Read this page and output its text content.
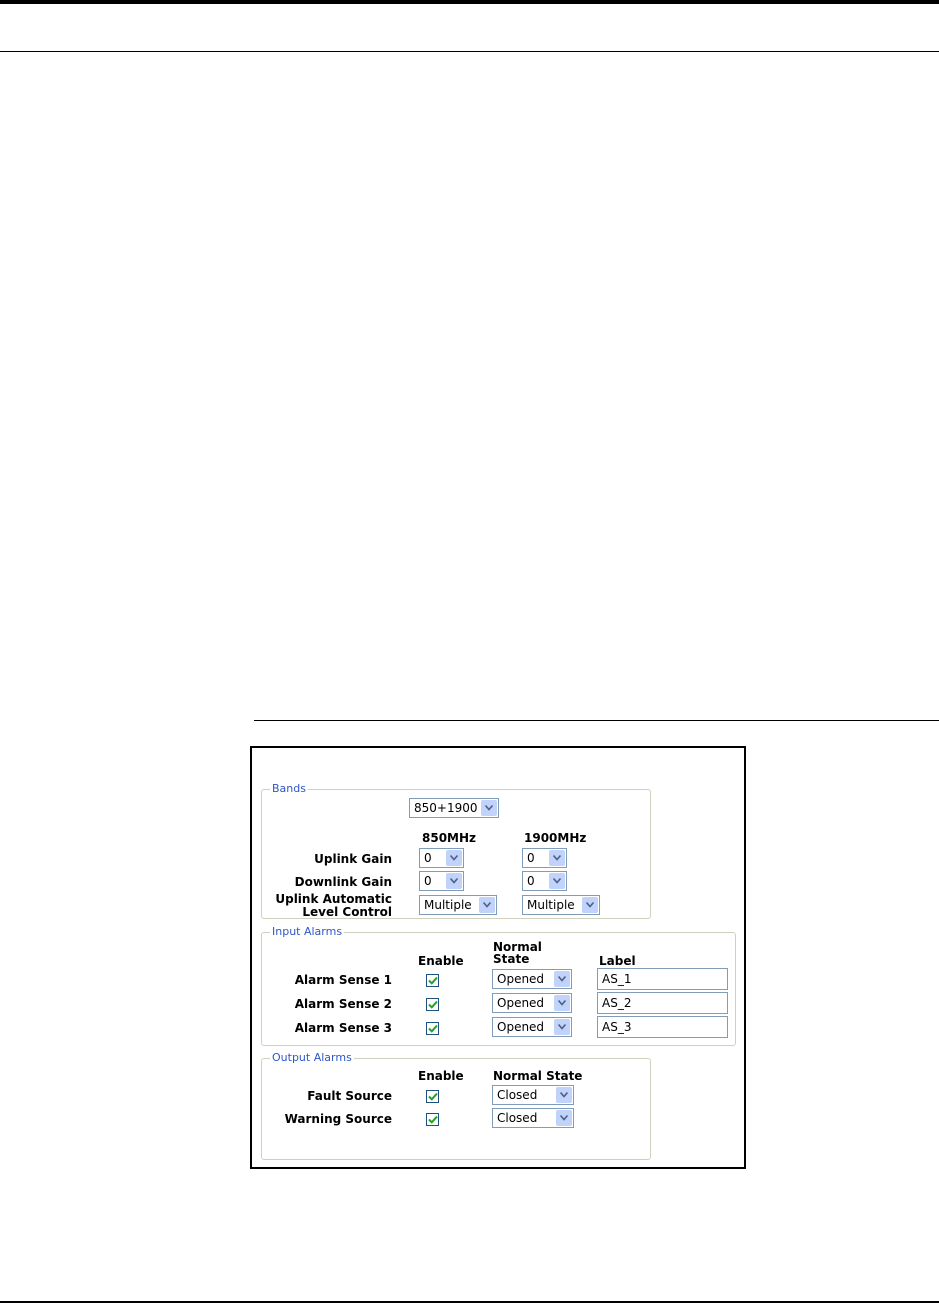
Bands
850+1900
850MHz	1900MHz
Uplink Gain	0	0
Downlink Gain	0	0
Uplink Automatic
Level Control	Multiple	Multiple
Input Alarms
Enable
Normal
State	Label
Alarm Sense 1	Opened	AS_1
Alarm Sense 2	Opened	AS_2
Alarm Sense 3	Opened	AS_3
Output Alarms
Enable Normal State
Fault Source	Closed
Warning Source	Closed
